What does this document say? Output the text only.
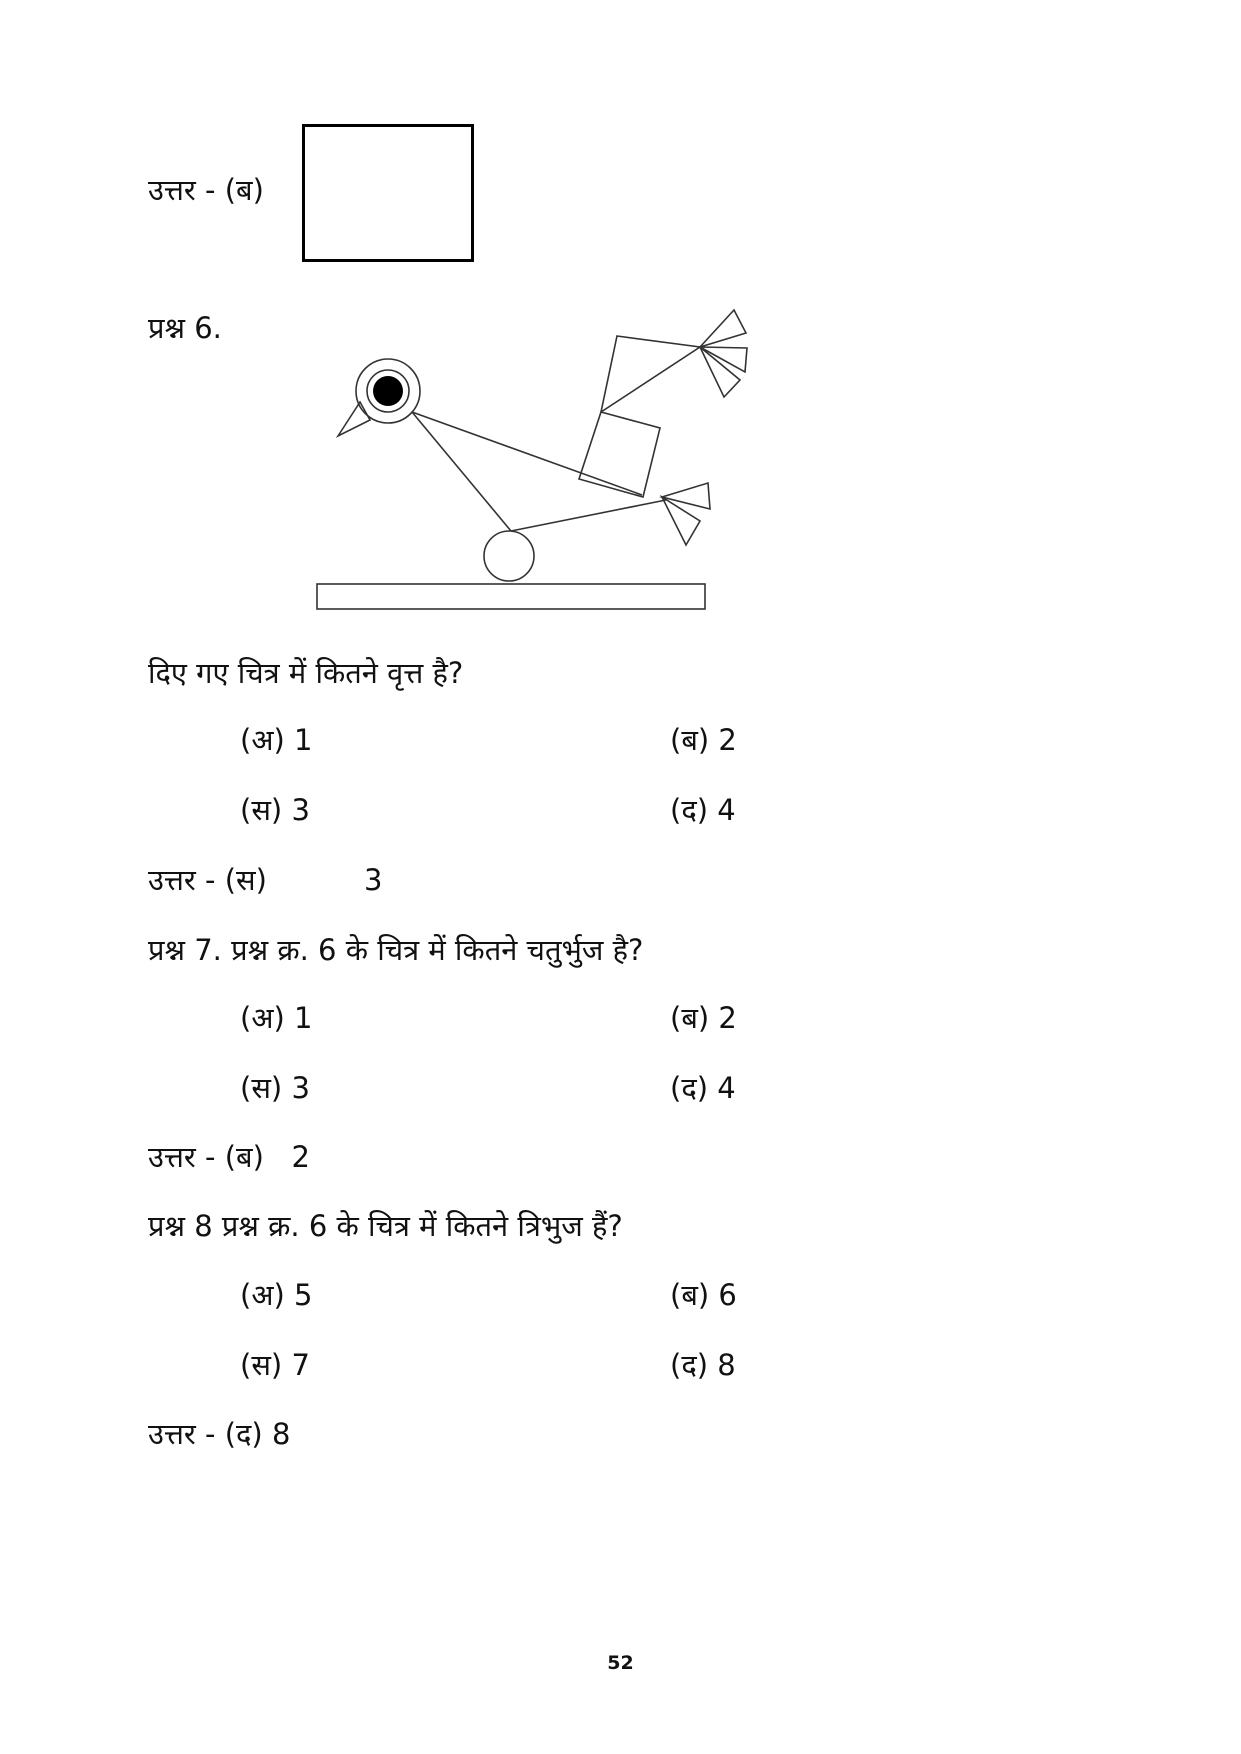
उत्तर - (ब)
प्रश्न 6.
दिए गए चित्र में कितने वृत्त है?
(अ) 1	(ब) 2
(स) 3	(द) 4
उत्तर - (स)	3
प्रश्न 7. प्रश्न क्र. 6 के चित्र में कितने चतुर्भुज है?
(अ) 1	(ब) 2
(स) 3	(द) 4
उत्तर - (ब)   2
प्रश्न 8 प्रश्न क्र. 6 के चित्र में कितने त्रिभुज हैं?
(अ) 5	(ब) 6
(स) 7	(द) 8
उत्तर - (द) 8
52
